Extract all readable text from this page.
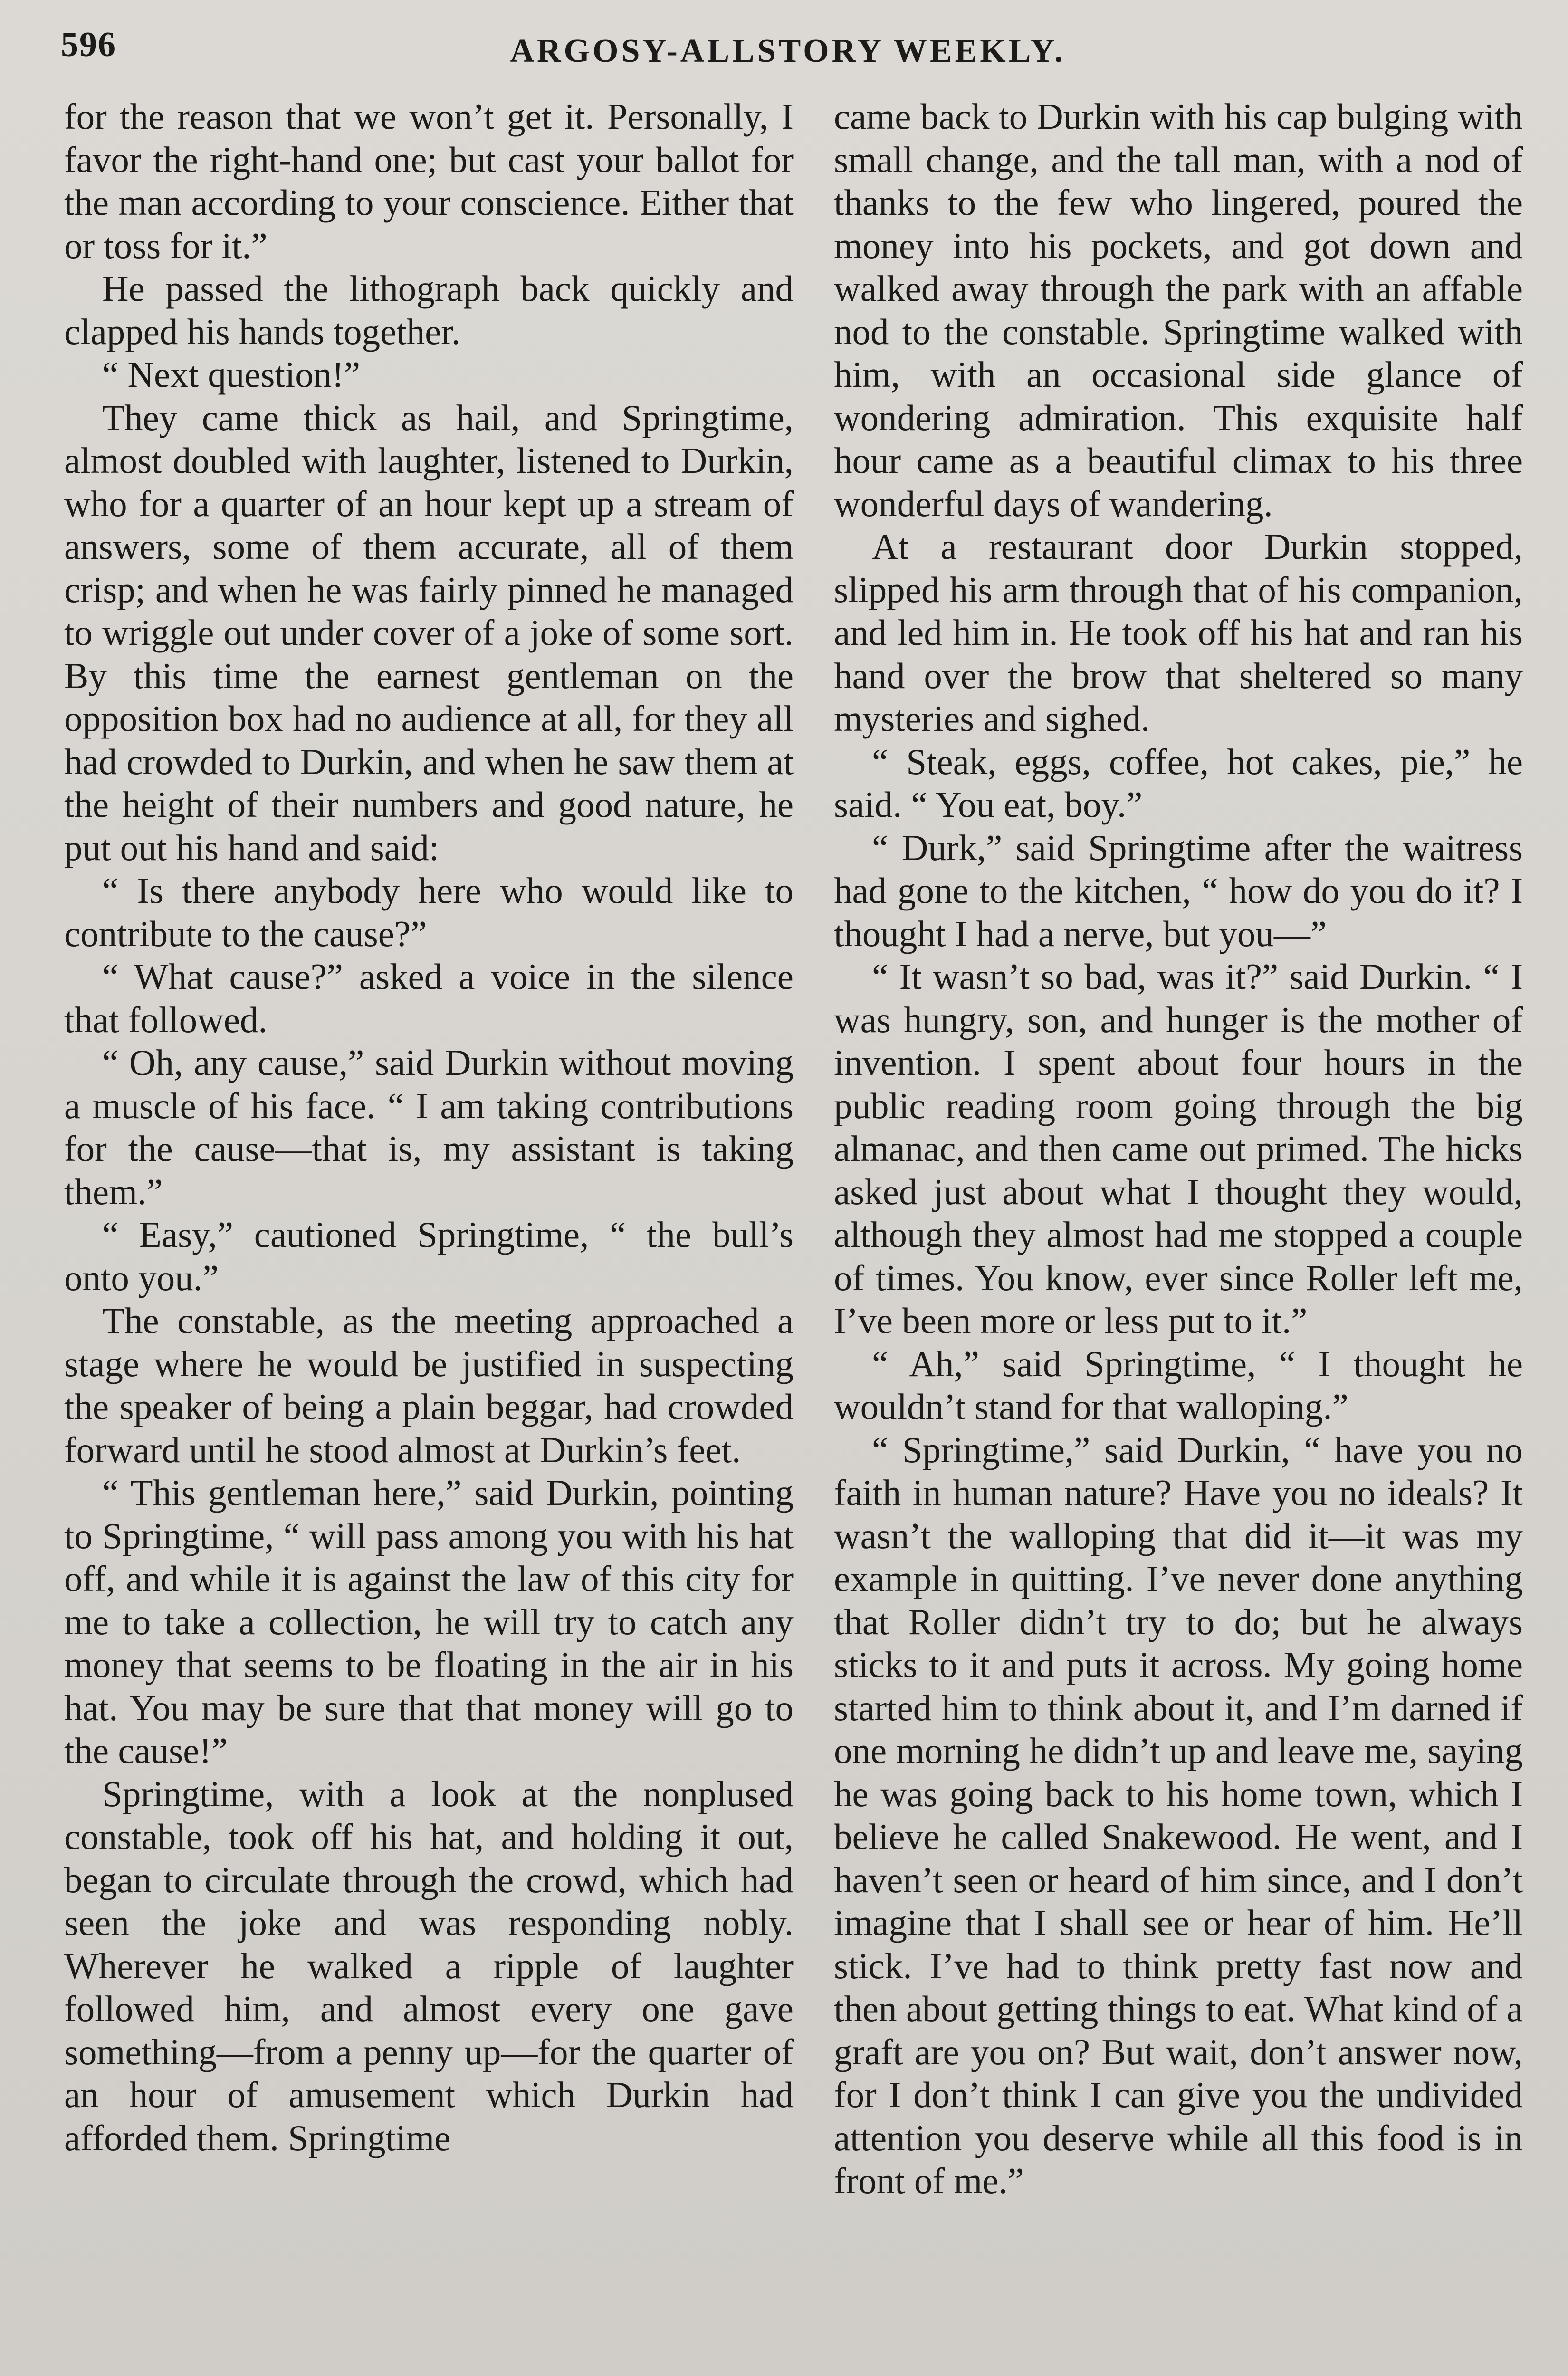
596	ARGOSY-ALLSTORY WEEKLY.

for the reason that we won’t get it. Personally, I favor the right-hand one; but cast your ballot for the man according to your conscience. Either that or toss for it.”

He passed the lithograph back quickly and clapped his hands together.

“ Next question!”

They came thick as hail, and Springtime, almost doubled with laughter, listened to Durkin, who for a quarter of an hour kept up a stream of answers, some of them accurate, all of them crisp; and when he was fairly pinned he managed to wriggle out under cover of a joke of some sort. By this time the earnest gentleman on the opposition box had no audience at all, for they all had crowded to Durkin, and when he saw them at the height of their numbers and good nature, he put out his hand and said:

“ Is there anybody here who would like to contribute to the cause?”

“ What cause?” asked a voice in the silence that followed.

“ Oh, any cause,” said Durkin without moving a muscle of his face. “ I am taking contributions for the cause—that is, my assistant is taking them.”

“ Easy,” cautioned Springtime, “ the bull’s onto you.”

The constable, as the meeting approached a stage where he would be justified in suspecting the speaker of being a plain beggar, had crowded forward until he stood almost at Durkin’s feet.

“ This gentleman here,” said Durkin, pointing to Springtime, “ will pass among you with his hat off, and while it is against the law of this city for me to take a collection, he will try to catch any money that seems to be floating in the air in his hat. You may be sure that that money will go to the cause!”

Springtime, with a look at the nonplused constable, took off his hat, and holding it out, began to circulate through the crowd, which had seen the joke and was responding nobly. Wherever he walked a ripple of laughter followed him, and almost every one gave something—from a penny up—for the quarter of an hour of amusement which Durkin had afforded them. Springtime

came back to Durkin with his cap bulging with small change, and the tall man, with a nod of thanks to the few who lingered, poured the money into his pockets, and got down and walked away through the park with an affable nod to the constable. Springtime walked with him, with an occasional side glance of wondering admiration. This exquisite half hour came as a beautiful climax to his three wonderful days of wandering.

At a restaurant door Durkin stopped, slipped his arm through that of his companion, and led him in. He took off his hat and ran his hand over the brow that sheltered so many mysteries and sighed.

“ Steak, eggs, coffee, hot cakes, pie,” he said. “ You eat, boy.”

“ Durk,” said Springtime after the waitress had gone to the kitchen, “ how do you do it? I thought I had a nerve, but you—”

“ It wasn’t so bad, was it?” said Durkin. “ I was hungry, son, and hunger is the mother of invention. I spent about four hours in the public reading room going through the big almanac, and then came out primed. The hicks asked just about what I thought they would, although they almost had me stopped a couple of times. You know, ever since Roller left me, I’ve been more or less put to it.”

“ Ah,” said Springtime, “ I thought he wouldn’t stand for that walloping.”

“ Springtime,” said Durkin, “ have you no faith in human nature? Have you no ideals? It wasn’t the walloping that did it—it was my example in quitting. I’ve never done anything that Roller didn’t try to do; but he always sticks to it and puts it across. My going home started him to think about it, and I’m darned if one morning he didn’t up and leave me, saying he was going back to his home town, which I believe he called Snakewood. He went, and I haven’t seen or heard of him since, and I don’t imagine that I shall see or hear of him. He’ll stick. I’ve had to think pretty fast now and then about getting things to eat. What kind of a graft are you on? But wait, don’t answer now, for I don’t think I can give you the undivided attention you deserve while all this food is in front of me.”
